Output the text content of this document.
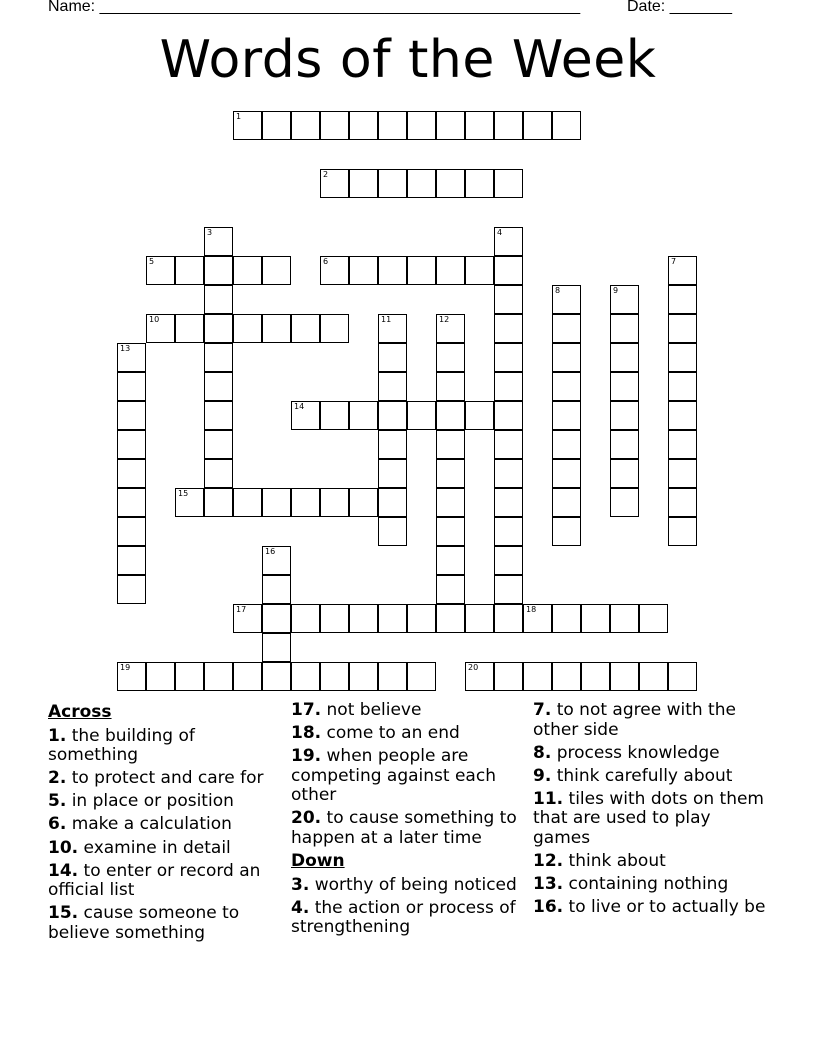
Name: ______________________________________________________	Date: _______
Words of the Week
1
2
3	4
5	6	7
8	9
10	11	12
13
14
15
16
17	18
19	20
Across
1. the building of something
2. to protect and care for
5. in place or position
6. make a calculation
10. examine in detail
14. to enter or record an official list
15. cause someone to believe something
17. not believe
18. come to an end
19. when people are competing against each other
20. to cause something to happen at a later time
Down
3. worthy of being noticed
4. the action or process of strengthening
7. to not agree with the other side
8. process knowledge
9. think carefully about
11. tiles with dots on them that are used to play games
12. think about
13. containing nothing
16. to live or to actually be
